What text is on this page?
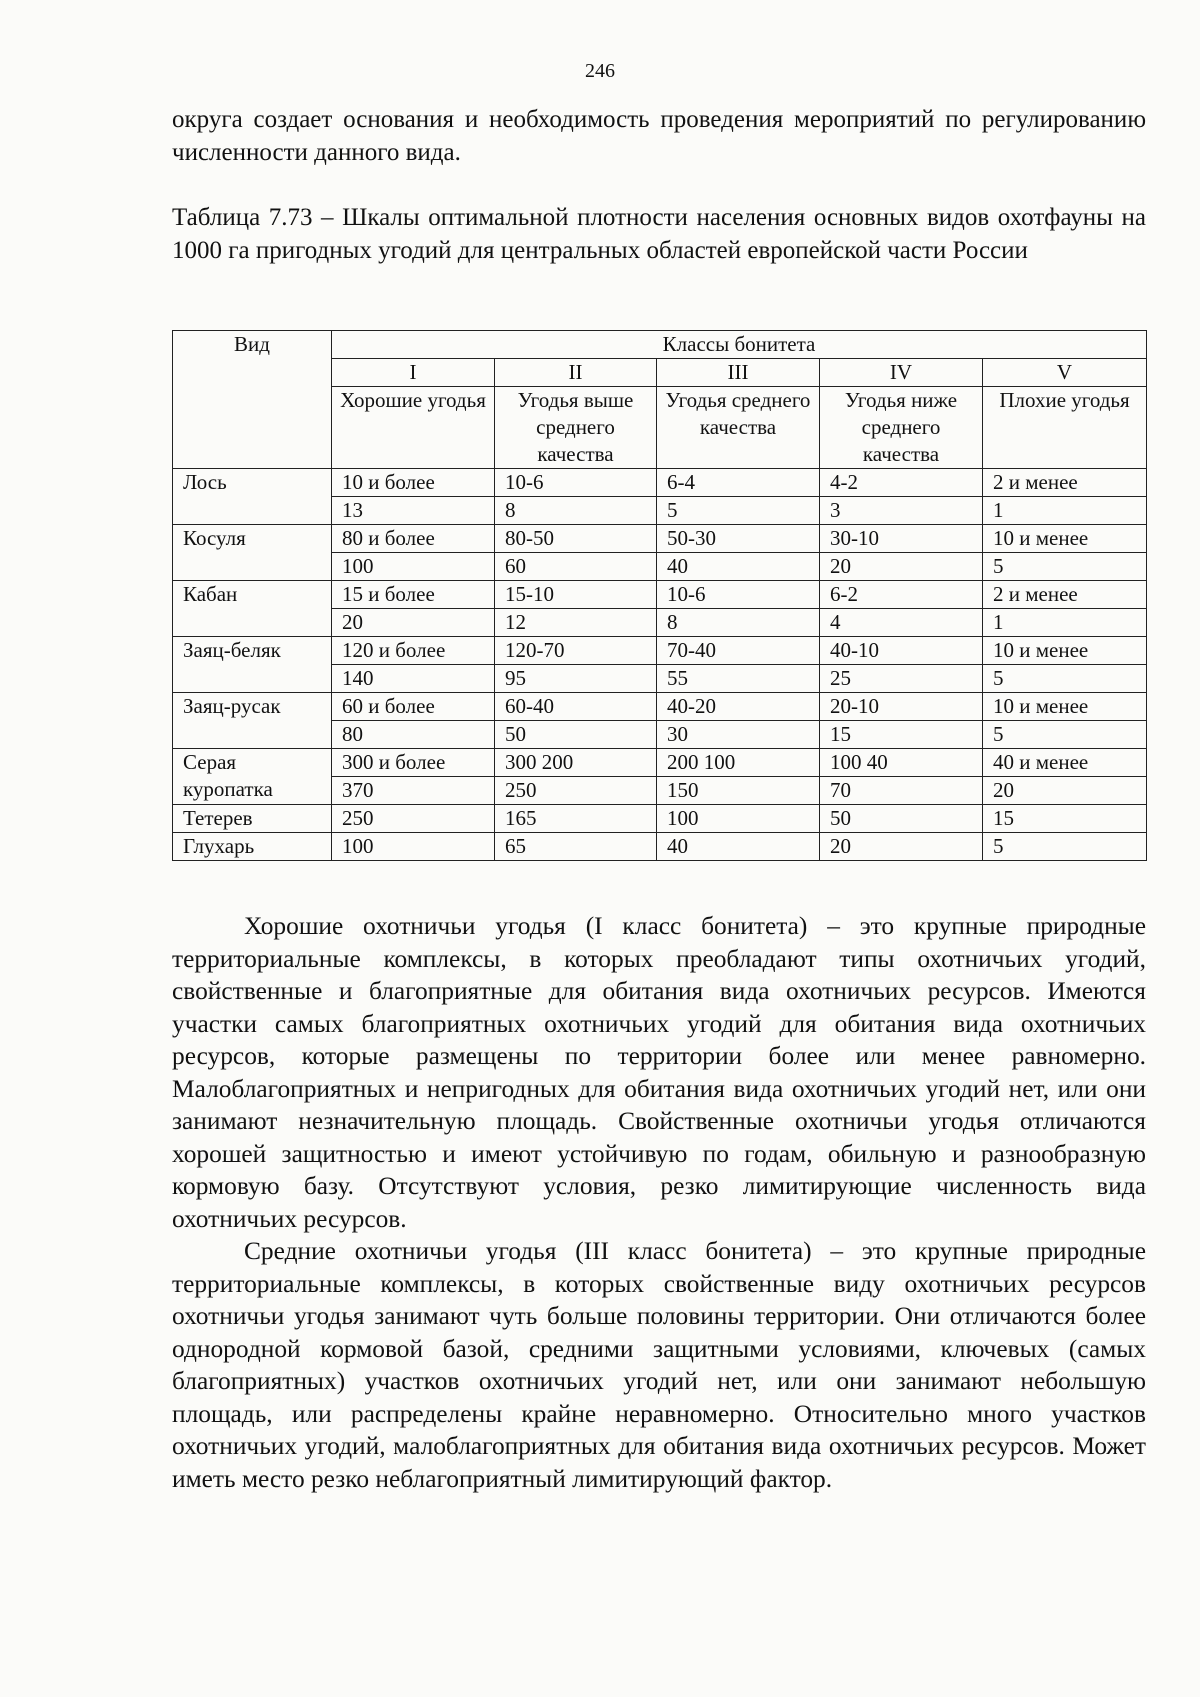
246

округа создает основания и необходимость проведения мероприятий по регулированию численности данного вида.

Таблица 7.73 – Шкалы оптимальной плотности населения основных видов охотфауны на 1000 га пригодных угодий для центральных областей европейской части России

Вид	Классы бонитета				
	I	II	III	IV	V
	Хорошие угодья	Угодья выше среднего качества	Угодья среднего качества	Угодья ниже среднего качества	Плохие угодья
Лось	10 и более	10-6	6-4	4-2	2 и менее
	13	8	5	3	1
Косуля	80 и более	80-50	50-30	30-10	10 и менее
	100	60	40	20	5
Кабан	15 и более	15-10	10-6	6-2	2 и менее
	20	12	8	4	1
Заяц-беляк	120 и более	120-70	70-40	40-10	10 и менее
	140	95	55	25	5
Заяц-русак	60 и более	60-40	40-20	20-10	10 и менее
	80	50	30	15	5

Серая
куропатка	300 и более	300 200	200 100	100 40	40 и менее
	370	250	150	70	20
Тетерев	250	165	100	50	15
Глухарь	100	65	40	20	5

Хорошие охотничьи угодья (I класс бонитета) – это крупные природные территориальные комплексы, в которых преобладают типы охотничьих угодий, свойственные и благоприятные для обитания вида охотничьих ресурсов. Имеются участки самых благоприятных охотничьих угодий для обитания вида охотничьих ресурсов, которые размещены по территории более или менее равномерно. Малоблагоприятных и непригодных для обитания вида охотничьих угодий нет, или они занимают незначительную площадь. Свойственные охотничьи угодья отличаются хорошей защитностью и имеют устойчивую по годам, обильную и разнообразную кормовую базу. Отсутствуют условия, резко лимитирующие численность вида охотничьих ресурсов.

Средние охотничьи угодья (III класс бонитета) – это крупные природные территориальные комплексы, в которых свойственные виду охотничьих ресурсов охотничьи угодья занимают чуть больше половины территории. Они отличаются более однородной кормовой базой, средними защитными условиями, ключевых (самых благоприятных) участков охотничьих угодий нет, или они занимают небольшую площадь, или распределены крайне неравномерно. Относительно много участков охотничьих угодий, малоблагоприятных для обитания вида охотничьих ресурсов. Может иметь место резко неблагоприятный лимитирующий фактор.
